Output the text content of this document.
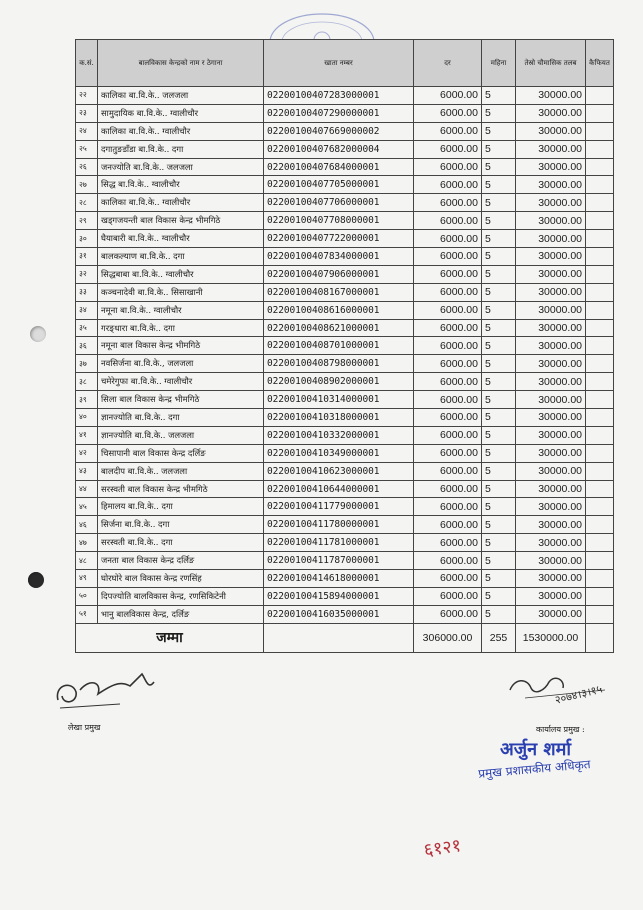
क.सं.	बालविकास केन्द्रको नाम र ठेगाना	खाता नम्बर	दर	महिना	तेस्रो चौमासिक तलब	कैफियत
२२	कालिका बा.वि.के.. जलजला	02200100407283000001	6000.00	5	30000.00	
२३	सामुदायिक बा.वि.के.. ग्वालीचौर	02200100407290000001	6000.00	5	30000.00	
२४	कालिका बा.वि.के.. ग्वालीचौर	02200100407669000002	6000.00	5	30000.00	
२५	दगातुङडाँडा बा.वि.के.. दगा	02200100407682000004	6000.00	5	30000.00	
२६	जनज्योति बा.वि.के.. जलजला	02200100407684000001	6000.00	5	30000.00	
२७	सिद्ध बा.वि.के.. ग्वालीचौर	02200100407705000001	6000.00	5	30000.00	
२८	कालिका बा.वि.के.. ग्वालीचौर	02200100407706000001	6000.00	5	30000.00	
२९	खड्गजयन्ती बाल विकास केन्द्र भीमगिठे	02200100407708000001	6000.00	5	30000.00	
३०	घैयाबारी बा.वि.के.. ग्वालीचौर	02200100407722000001	6000.00	5	30000.00	
३१	बालकल्याण बा.वि.के.. दगा	02200100407834000001	6000.00	5	30000.00	
३२	सिद्धबाबा बा.वि.के.. ग्वालीचौर	02200100407906000001	6000.00	5	30000.00	
३३	कञ्चनादेवी बा.वि.के.. सिसाखानी	02200100408167000001	6000.00	5	30000.00	
३४	नमूना बा.वि.के.. ग्वालीचौर	02200100408616000001	6000.00	5	30000.00	
३५	गरङ्धारा बा.वि.के.. दगा	02200100408621000001	6000.00	5	30000.00	
३६	नमूना बाल विकास केन्द्र भीमगिठे	02200100408701000001	6000.00	5	30000.00	
३७	नवसिर्जना बा.वि.के., जलजला	02200100408798000001	6000.00	5	30000.00	
३८	चमेरेगुफा बा.वि.के.. ग्वालीचौर	02200100408902000001	6000.00	5	30000.00	
३९	सिला बाल विकास केन्द्र भीमगिठे	02200100410314000001	6000.00	5	30000.00	
४०	ज्ञानज्योति बा.वि.के.. दगा	02200100410318000001	6000.00	5	30000.00	
४१	ज्ञानज्योति बा.वि.के.. जलजला	02200100410332000001	6000.00	5	30000.00	
४२	चिसापानी बाल विकास केन्द्र दर्लिङ	02200100410349000001	6000.00	5	30000.00	
४३	बालदीप बा.वि.के.. जलजला	02200100410623000001	6000.00	5	30000.00	
४४	सरस्वती बाल विकास केन्द्र भीमगिठे	02200100410644000001	6000.00	5	30000.00	
४५	हिमालय बा.वि.के.. दगा	02200100411779000001	6000.00	5	30000.00	
४६	सिर्जना बा.वि.के.. दगा	02200100411780000001	6000.00	5	30000.00	
४७	सरस्वती बा.वि.के.. दगा	02200100411781000001	6000.00	5	30000.00	
४८	जनता बाल विकास केन्द्र दर्लिङ	02200100411787000001	6000.00	5	30000.00	
४९	घोरघोरे बाल विकास केन्द्र रणसिंह	02200100414618000001	6000.00	5	30000.00	
५०	दिपज्योति बालविकास केन्द्र, रणसिकिटेनी	02200100415894000001	6000.00	5	30000.00	
५१	भानु बालविकास केन्द्र, दर्लिङ	02200100416035000001	6000.00	5	30000.00	
जम्मा			306000.00	255	1530000.00	
लेखा प्रमुख
२०७४।३।१५
कार्यालय प्रमुख :
अर्जुन शर्मा
प्रमुख प्रशासकीय अधिकृत
६१२१
